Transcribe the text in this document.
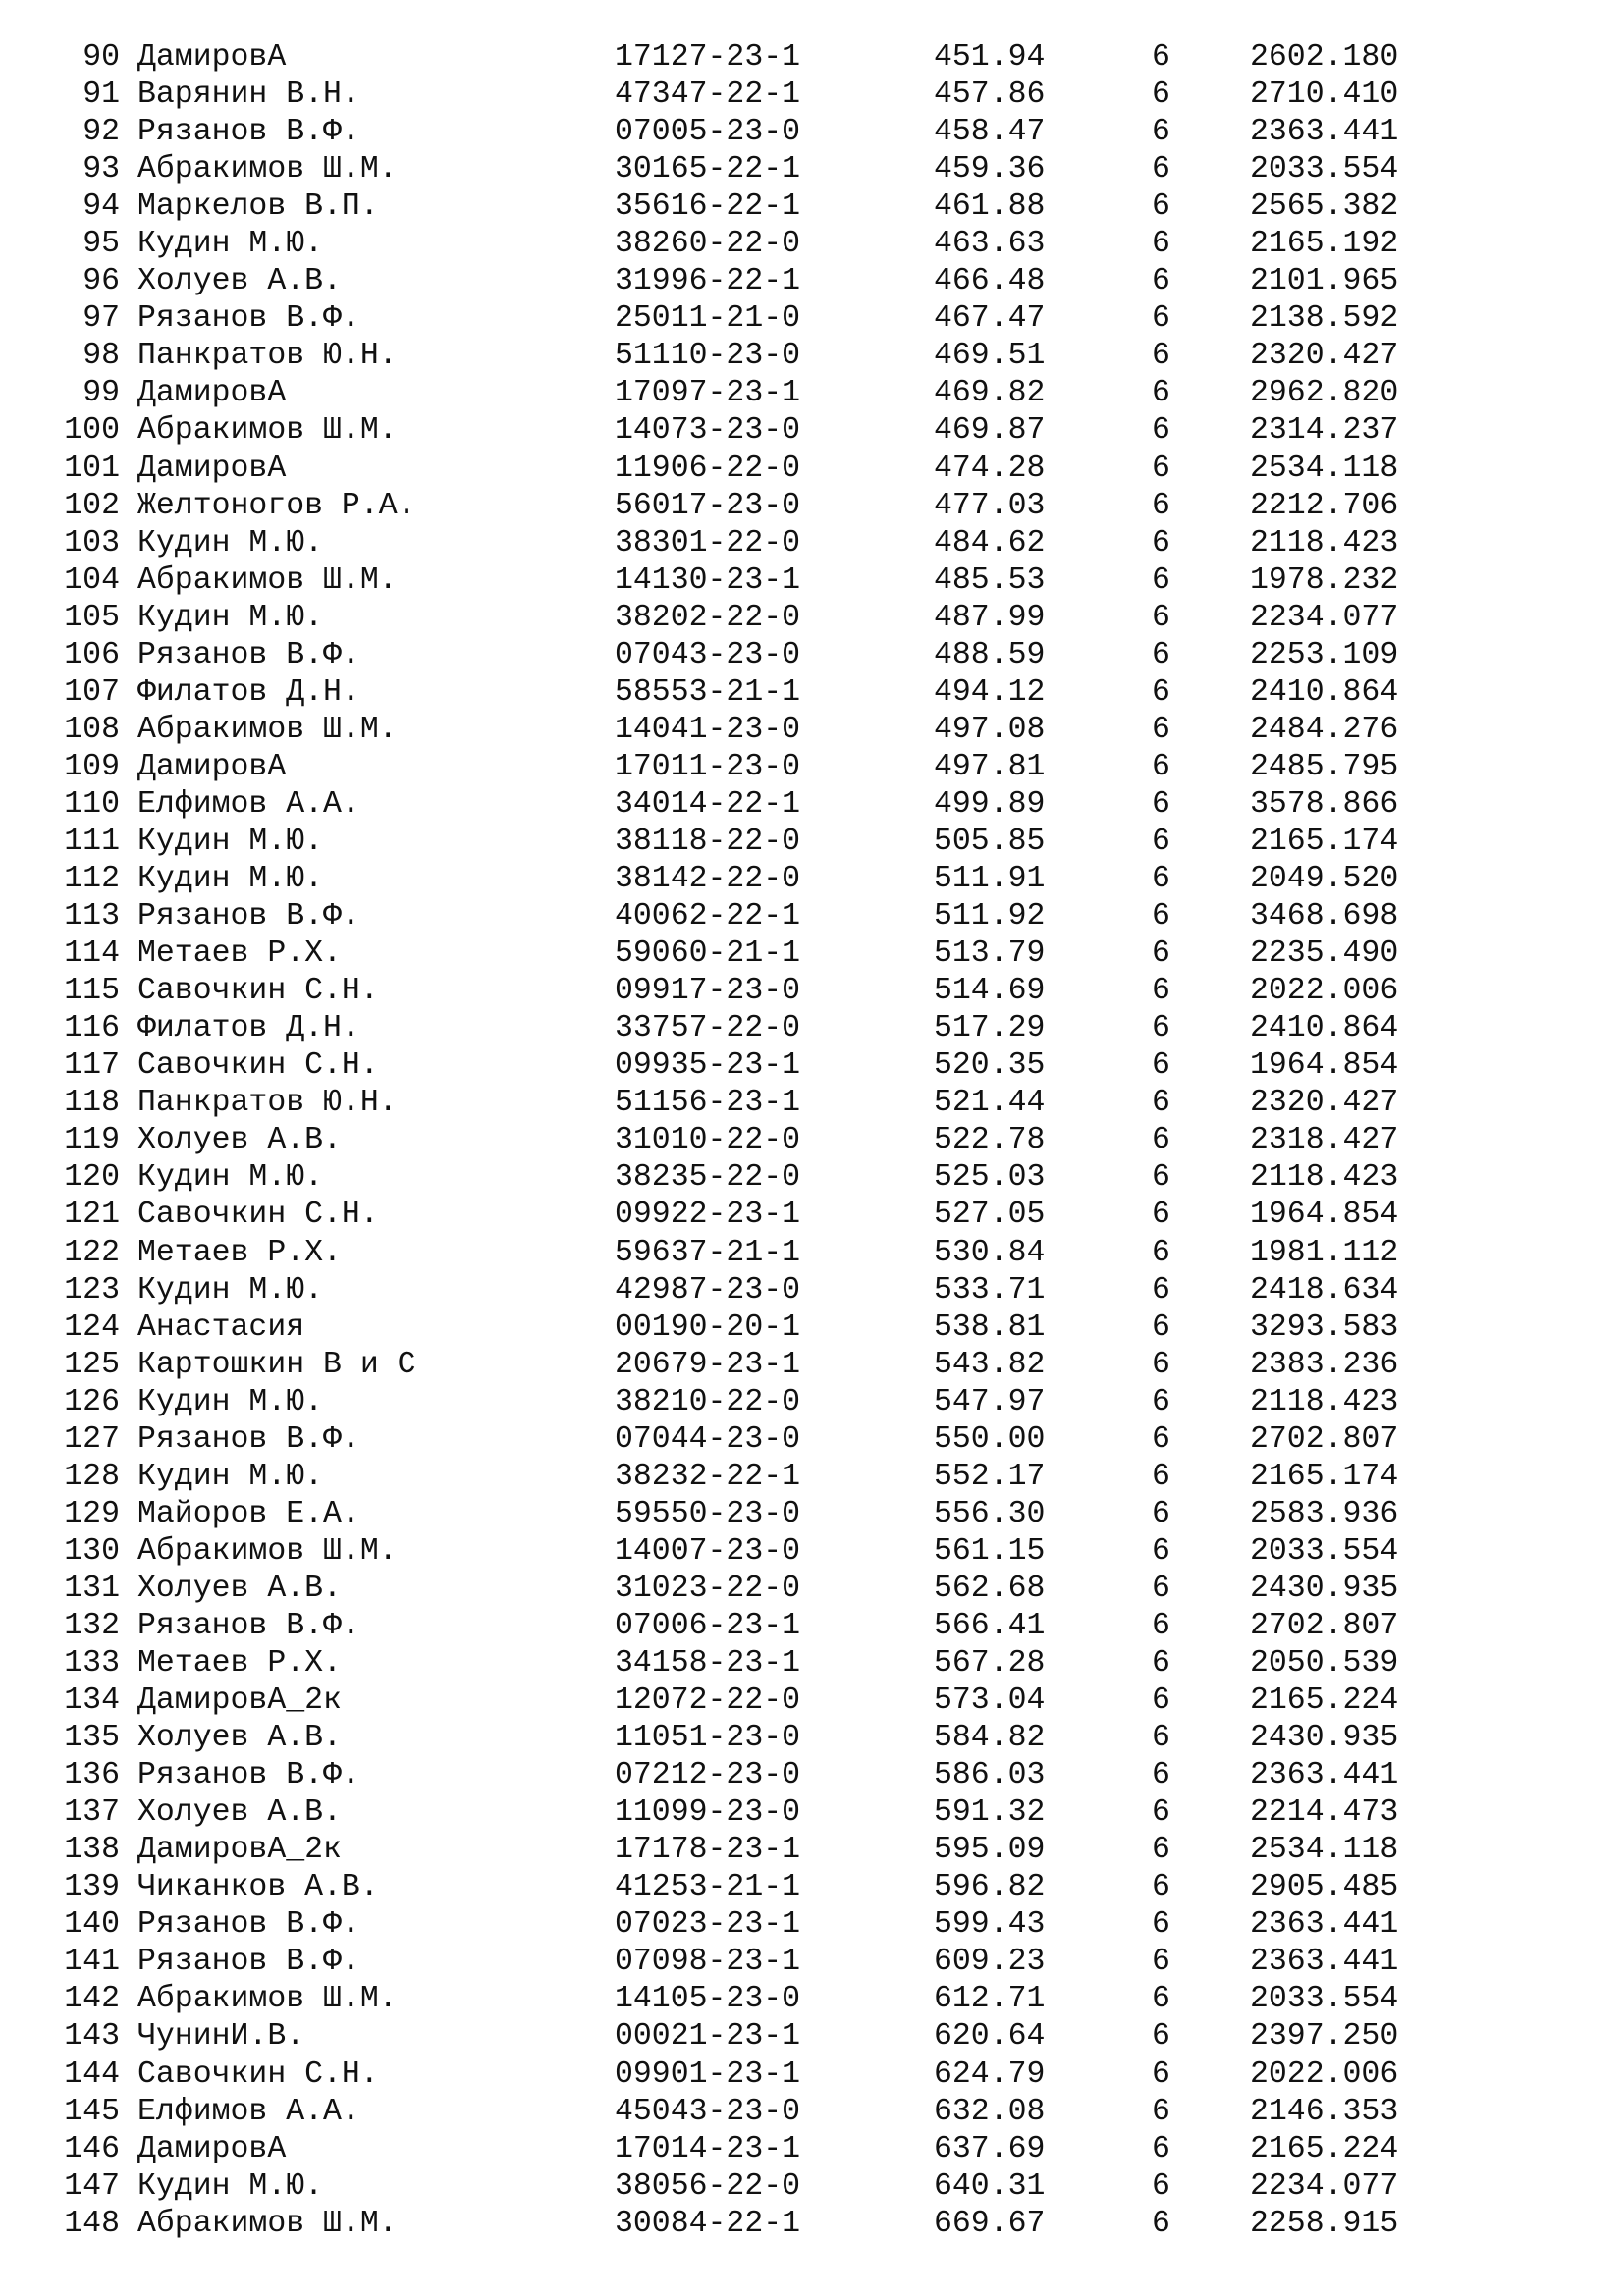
90 ДамировА	17127-23-1	451.94	6	2602.180
91 Варянин В.Н.	47347-22-1	457.86	6	2710.410
92 Рязанов В.Ф.	07005-23-0	458.47	6	2363.441
93 Абракимов Ш.М.	30165-22-1	459.36	6	2033.554
94 Маркелов В.П.	35616-22-1	461.88	6	2565.382
95 Кудин М.Ю.	38260-22-0	463.63	6	2165.192
96 Холуев А.В.	31996-22-1	466.48	6	2101.965
97 Рязанов В.Ф.	25011-21-0	467.47	6	2138.592
98 Панкратов Ю.Н.	51110-23-0	469.51	6	2320.427
99 ДамировА	17097-23-1	469.82	6	2962.820
100 Абракимов Ш.М.	14073-23-0	469.87	6	2314.237
101 ДамировА	11906-22-0	474.28	6	2534.118
102 Желтоногов Р.А.	56017-23-0	477.03	6	2212.706
103 Кудин М.Ю.	38301-22-0	484.62	6	2118.423
104 Абракимов Ш.М.	14130-23-1	485.53	6	1978.232
105 Кудин М.Ю.	38202-22-0	487.99	6	2234.077
106 Рязанов В.Ф.	07043-23-0	488.59	6	2253.109
107 Филатов Д.Н.	58553-21-1	494.12	6	2410.864
108 Абракимов Ш.М.	14041-23-0	497.08	6	2484.276
109 ДамировА	17011-23-0	497.81	6	2485.795
110 Елфимов А.А.	34014-22-1	499.89	6	3578.866
111 Кудин М.Ю.	38118-22-0	505.85	6	2165.174
112 Кудин М.Ю.	38142-22-0	511.91	6	2049.520
113 Рязанов В.Ф.	40062-22-1	511.92	6	3468.698
114 Метаев Р.Х.	59060-21-1	513.79	6	2235.490
115 Савочкин С.Н.	09917-23-0	514.69	6	2022.006
116 Филатов Д.Н.	33757-22-0	517.29	6	2410.864
117 Савочкин С.Н.	09935-23-1	520.35	6	1964.854
118 Панкратов Ю.Н.	51156-23-1	521.44	6	2320.427
119 Холуев А.В.	31010-22-0	522.78	6	2318.427
120 Кудин М.Ю.	38235-22-0	525.03	6	2118.423
121 Савочкин С.Н.	09922-23-1	527.05	6	1964.854
122 Метаев Р.Х.	59637-21-1	530.84	6	1981.112
123 Кудин М.Ю.	42987-23-0	533.71	6	2418.634
124 Анастасия	00190-20-1	538.81	6	3293.583
125 Картошкин В и С	20679-23-1	543.82	6	2383.236
126 Кудин М.Ю.	38210-22-0	547.97	6	2118.423
127 Рязанов В.Ф.	07044-23-0	550.00	6	2702.807
128 Кудин М.Ю.	38232-22-1	552.17	6	2165.174
129 Майоров Е.А.	59550-23-0	556.30	6	2583.936
130 Абракимов Ш.М.	14007-23-0	561.15	6	2033.554
131 Холуев А.В.	31023-22-0	562.68	6	2430.935
132 Рязанов В.Ф.	07006-23-1	566.41	6	2702.807
133 Метаев Р.Х.	34158-23-1	567.28	6	2050.539
134 ДамировА_2к	12072-22-0	573.04	6	2165.224
135 Холуев А.В.	11051-23-0	584.82	6	2430.935
136 Рязанов В.Ф.	07212-23-0	586.03	6	2363.441
137 Холуев А.В.	11099-23-0	591.32	6	2214.473
138 ДамировА_2к	17178-23-1	595.09	6	2534.118
139 Чиканков А.В.	41253-21-1	596.82	6	2905.485
140 Рязанов В.Ф.	07023-23-1	599.43	6	2363.441
141 Рязанов В.Ф.	07098-23-1	609.23	6	2363.441
142 Абракимов Ш.М.	14105-23-0	612.71	6	2033.554
143 ЧунинИ.В.	00021-23-1	620.64	6	2397.250
144 Савочкин С.Н.	09901-23-1	624.79	6	2022.006
145 Елфимов А.А.	45043-23-0	632.08	6	2146.353
146 ДамировА	17014-23-1	637.69	6	2165.224
147 Кудин М.Ю.	38056-22-0	640.31	6	2234.077
148 Абракимов Ш.М.	30084-22-1	669.67	6	2258.915
